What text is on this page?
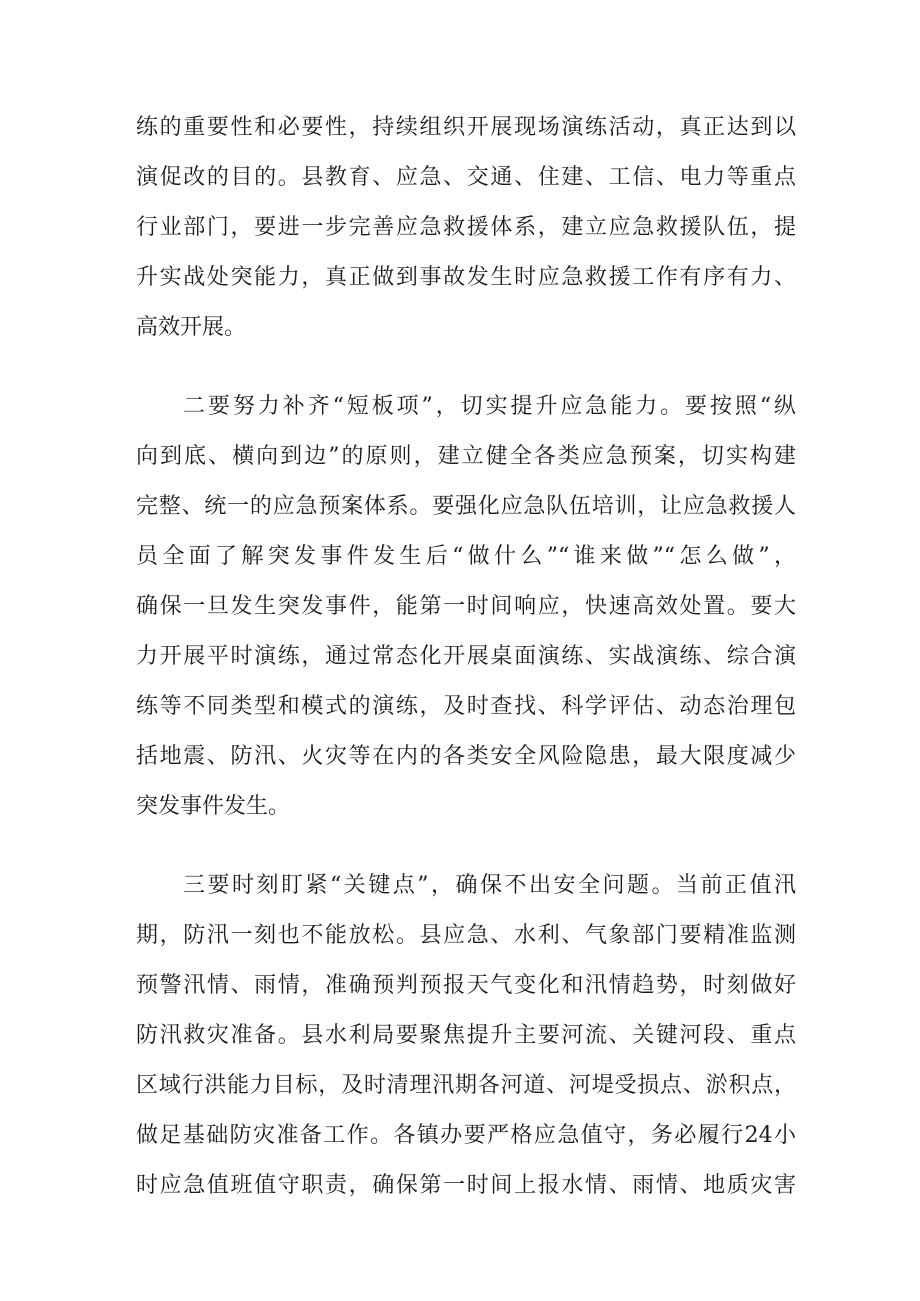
练的重要性和必要性，持续组织开展现场演练活动，真正达到以
演促改的目的。县教育、应急、交通、住建、工信、电力等重点
行业部门，要进一步完善应急救援体系，建立应急救援队伍，提
升实战处突能力，真正做到事故发生时应急救援工作有序有力、
高效开展。
二要努力补齐“短板项”，切实提升应急能力。要按照“纵
向到底、横向到边”的原则，建立健全各类应急预案，切实构建
完整、统一的应急预案体系。要强化应急队伍培训，让应急救援人
员全面了解突发事件发生后“做什么”“谁来做”“怎么做”，
确保一旦发生突发事件，能第一时间响应，快速高效处置。要大
力开展平时演练，通过常态化开展桌面演练、实战演练、综合演
练等不同类型和模式的演练，及时查找、科学评估、动态治理包
括地震、防汛、火灾等在内的各类安全风险隐患，最大限度减少
突发事件发生。
三要时刻盯紧“关键点”，确保不出安全问题。当前正值汛
期，防汛一刻也不能放松。县应急、水利、气象部门要精准监测
预警汛情、雨情，准确预判预报天气变化和汛情趋势，时刻做好
防汛救灾准备。县水利局要聚焦提升主要河流、关键河段、重点
区域行洪能力目标，及时清理汛期各河道、河堤受损点、淤积点，
做足基础防灾准备工作。各镇办要严格应急值守，务必履行24小
时应急值班值守职责，确保第一时间上报水情、雨情、地质灾害
